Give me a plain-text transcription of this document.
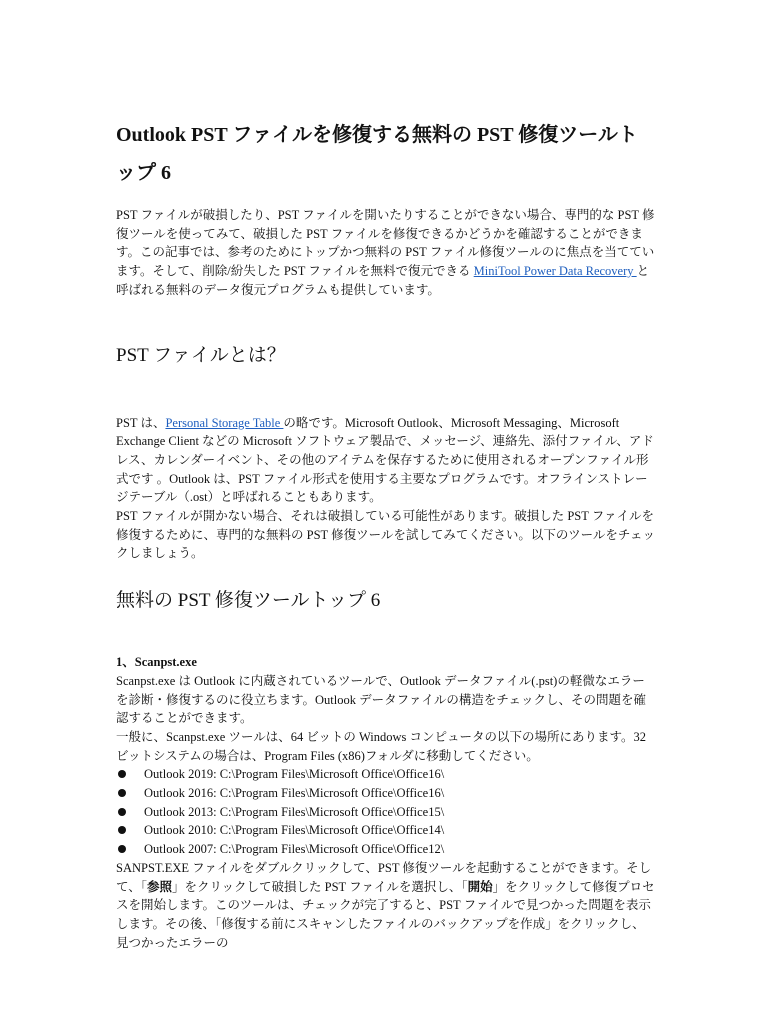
Outlook PST ファイルを修復する無料の PST 修復ツールトップ 6

PST ファイルが破損したり、PST ファイルを開いたりすることができない場合、専門的な PST 修復ツールを使ってみて、破損した PST ファイルを修復できるかどうかを確認することができます。この記事では、参考のためにトップかつ無料の PST ファイル修復ツールのに焦点を当てています。そして、削除/紛失した PST ファイルを無料で復元できる MiniTool Power Data Recovery と呼ばれる無料のデータ復元プログラムも提供しています。

PST ファイルとは？

PST は、Personal Storage Table の略です。Microsoft Outlook、Microsoft Messaging、Microsoft Exchange Client などの Microsoft ソフトウェア製品で、メッセージ、連絡先、添付ファイル、アドレス、カレンダーイベント、その他のアイテムを保存するために使用されるオープンファイル形式です 。Outlook は、PST ファイル形式を使用する主要なプログラムです。オフラインストレージテーブル（.ost）と呼ばれることもあります。

PST ファイルが開かない場合、それは破損している可能性があります。破損した PST ファイルを修復するために、専門的な無料の PST 修復ツールを試してみてください。以下のツールをチェックしましょう。

無料の PST 修復ツールトップ 6

1、Scanpst.exe

Scanpst.exe は Outlook に内蔵されているツールで、Outlook データファイル(.pst)の軽微なエラーを診断・修復するのに役立ちます。Outlook データファイルの構造をチェックし、その問題を確認することができます。

一般に、Scanpst.exe ツールは、64 ビットの Windows コンピュータの以下の場所にあります。32 ビットシステムの場合は、Program Files (x86)フォルダに移動してください。

Outlook 2019: C:\Program Files\Microsoft Office\Office16\
Outlook 2016: C:\Program Files\Microsoft Office\Office16\
Outlook 2013: C:\Program Files\Microsoft Office\Office15\
Outlook 2010: C:\Program Files\Microsoft Office\Office14\
Outlook 2007: C:\Program Files\Microsoft Office\Office12\

SANPST.EXE ファイルをダブルクリックして、PST 修復ツールを起動することができます。そして、「参照」をクリックして破損した PST ファイルを選択し、「開始」をクリックして修復プロセスを開始します。このツールは、チェックが完了すると、PST ファイルで見つかった問題を表示します。その後、「修復する前にスキャンしたファイルのバックアップを作成」をクリックし、見つかったエラーの
